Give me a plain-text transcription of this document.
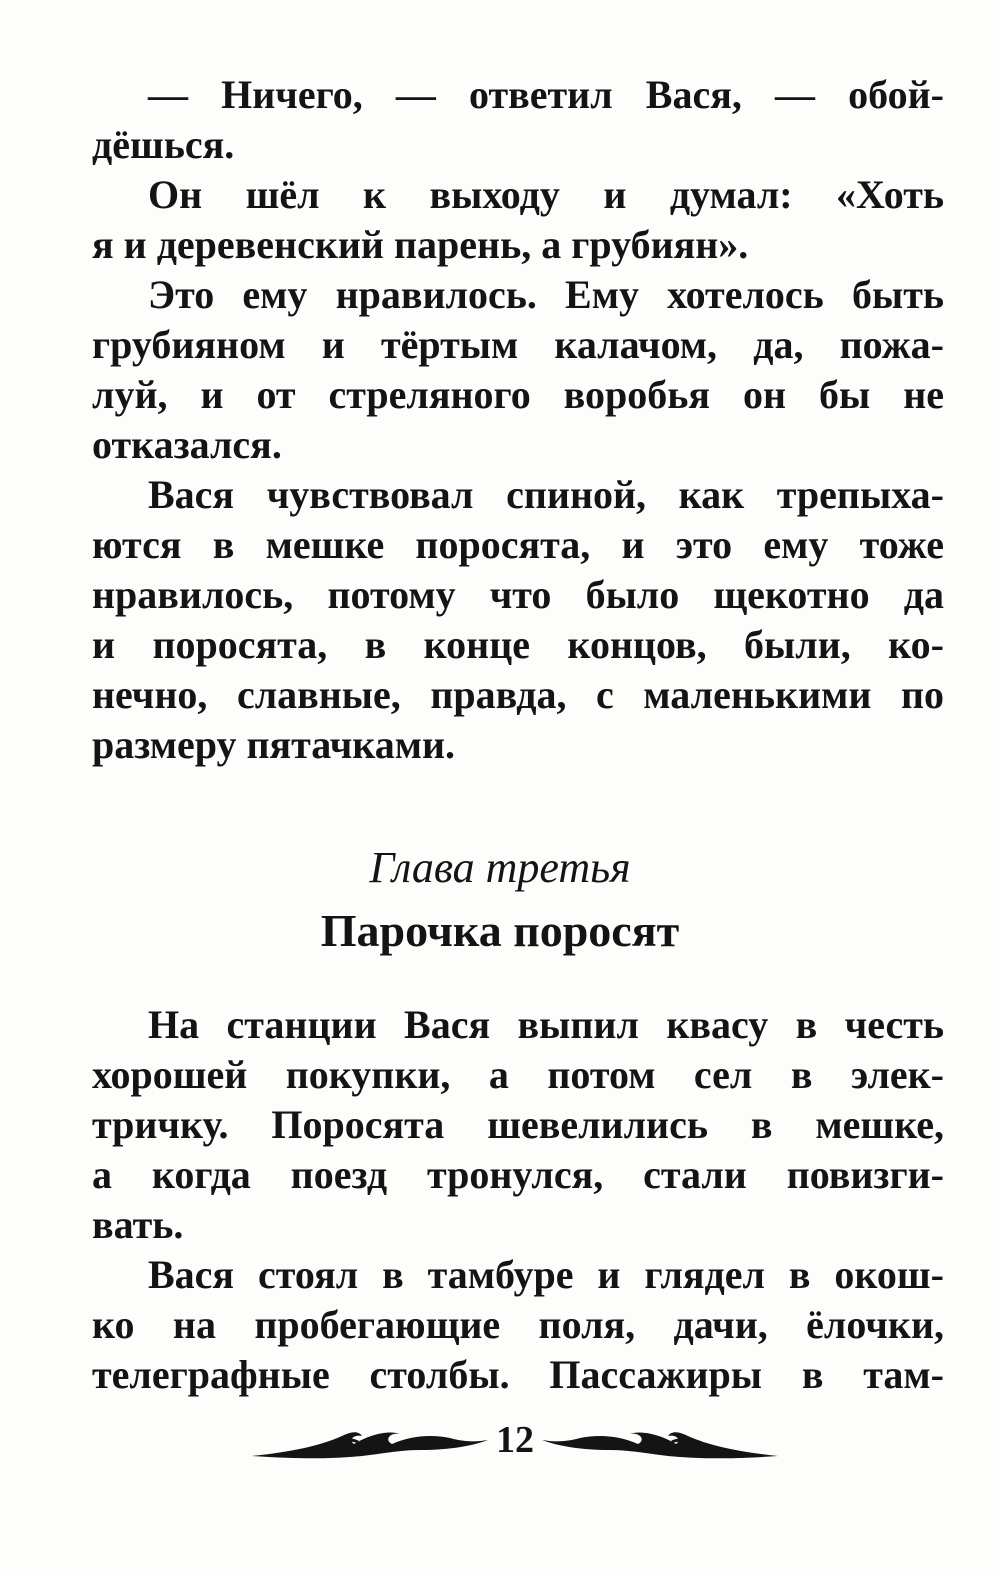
— Ничего, — ответил Вася, — обой-
дёшься.
Он шёл к выходу и думал: «Хоть
я и деревенский парень, а грубиян».
Это ему нравилось. Ему хотелось быть
грубияном и тёртым калачом, да, пожа-
луй, и от стреляного воробья он бы не
отказался.
Вася чувствовал спиной, как трепыха-
ются в мешке поросята, и это ему тоже
нравилось, потому что было щекотно да
и поросята, в конце концов, были, ко-
нечно, славные, правда, с маленькими по
размеру пятачками.

Глава третья

Парочка поросят

На станции Вася выпил квасу в честь
хорошей покупки, а потом сел в элек-
тричку. Поросята шевелились в мешке,
а когда поезд тронулся, стали повизги-
вать.
Вася стоял в тамбуре и глядел в окош-
ко на пробегающие поля, дачи, ёлочки,
телеграфные столбы. Пассажиры в там-
12
